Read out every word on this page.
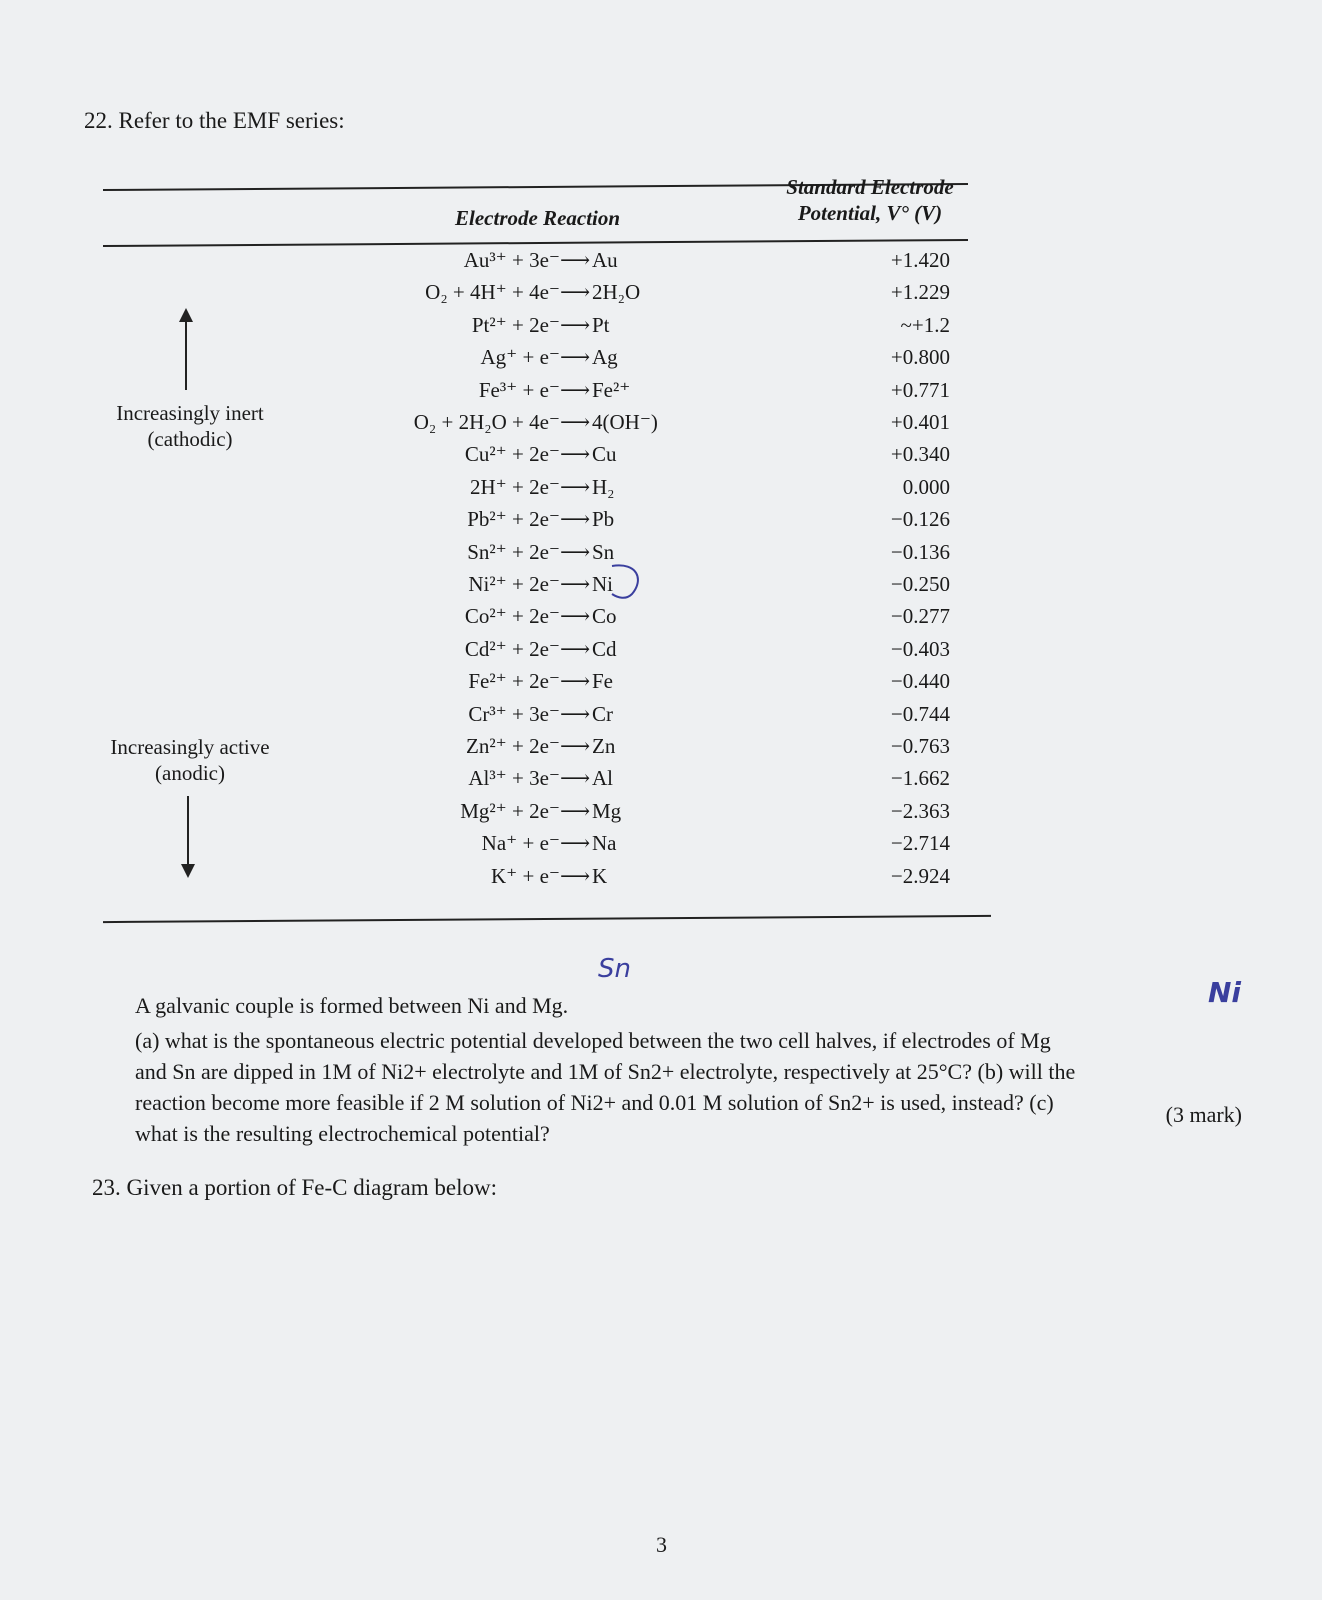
22. Refer to the EMF series:
Electrode Reaction
Standard Electrode
Potential, V° (V)
Increasingly inert
(cathodic)
Increasingly active
(anodic)
Au³⁺ + 3e⁻ ⟶ Au	+1.420
O₂ + 4H⁺ + 4e⁻ ⟶ 2H₂O	+1.229
Pt²⁺ + 2e⁻ ⟶ Pt	~+1.2
Ag⁺ + e⁻ ⟶ Ag	+0.800
Fe³⁺ + e⁻ ⟶ Fe²⁺	+0.771
O₂ + 2H₂O + 4e⁻ ⟶ 4(OH⁻)	+0.401
Cu²⁺ + 2e⁻ ⟶ Cu	+0.340
2H⁺ + 2e⁻ ⟶ H₂	0.000
Pb²⁺ + 2e⁻ ⟶ Pb	−0.126
Sn²⁺ + 2e⁻ ⟶ Sn	−0.136
Ni²⁺ + 2e⁻ ⟶ Ni	−0.250
Co²⁺ + 2e⁻ ⟶ Co	−0.277
Cd²⁺ + 2e⁻ ⟶ Cd	−0.403
Fe²⁺ + 2e⁻ ⟶ Fe	−0.440
Cr³⁺ + 3e⁻ ⟶ Cr	−0.744
Zn²⁺ + 2e⁻ ⟶ Zn	−0.763
Al³⁺ + 3e⁻ ⟶ Al	−1.662
Mg²⁺ + 2e⁻ ⟶ Mg	−2.363
Na⁺ + e⁻ ⟶ Na	−2.714
K⁺ + e⁻ ⟶ K	−2.924
Sn
Ni
A galvanic couple is formed between Ni and Mg.
(a) what is the spontaneous electric potential developed between the two cell halves, if electrodes of Mg
and Sn are dipped in 1M of Ni2+ electrolyte and 1M of Sn2+ electrolyte, respectively at 25°C? (b) will the
reaction become more feasible if 2 M solution of Ni2+ and 0.01 M solution of Sn2+ is used, instead? (c)
what is the resulting electrochemical potential?
(3 mark)
23. Given a portion of Fe-C diagram below:
3
